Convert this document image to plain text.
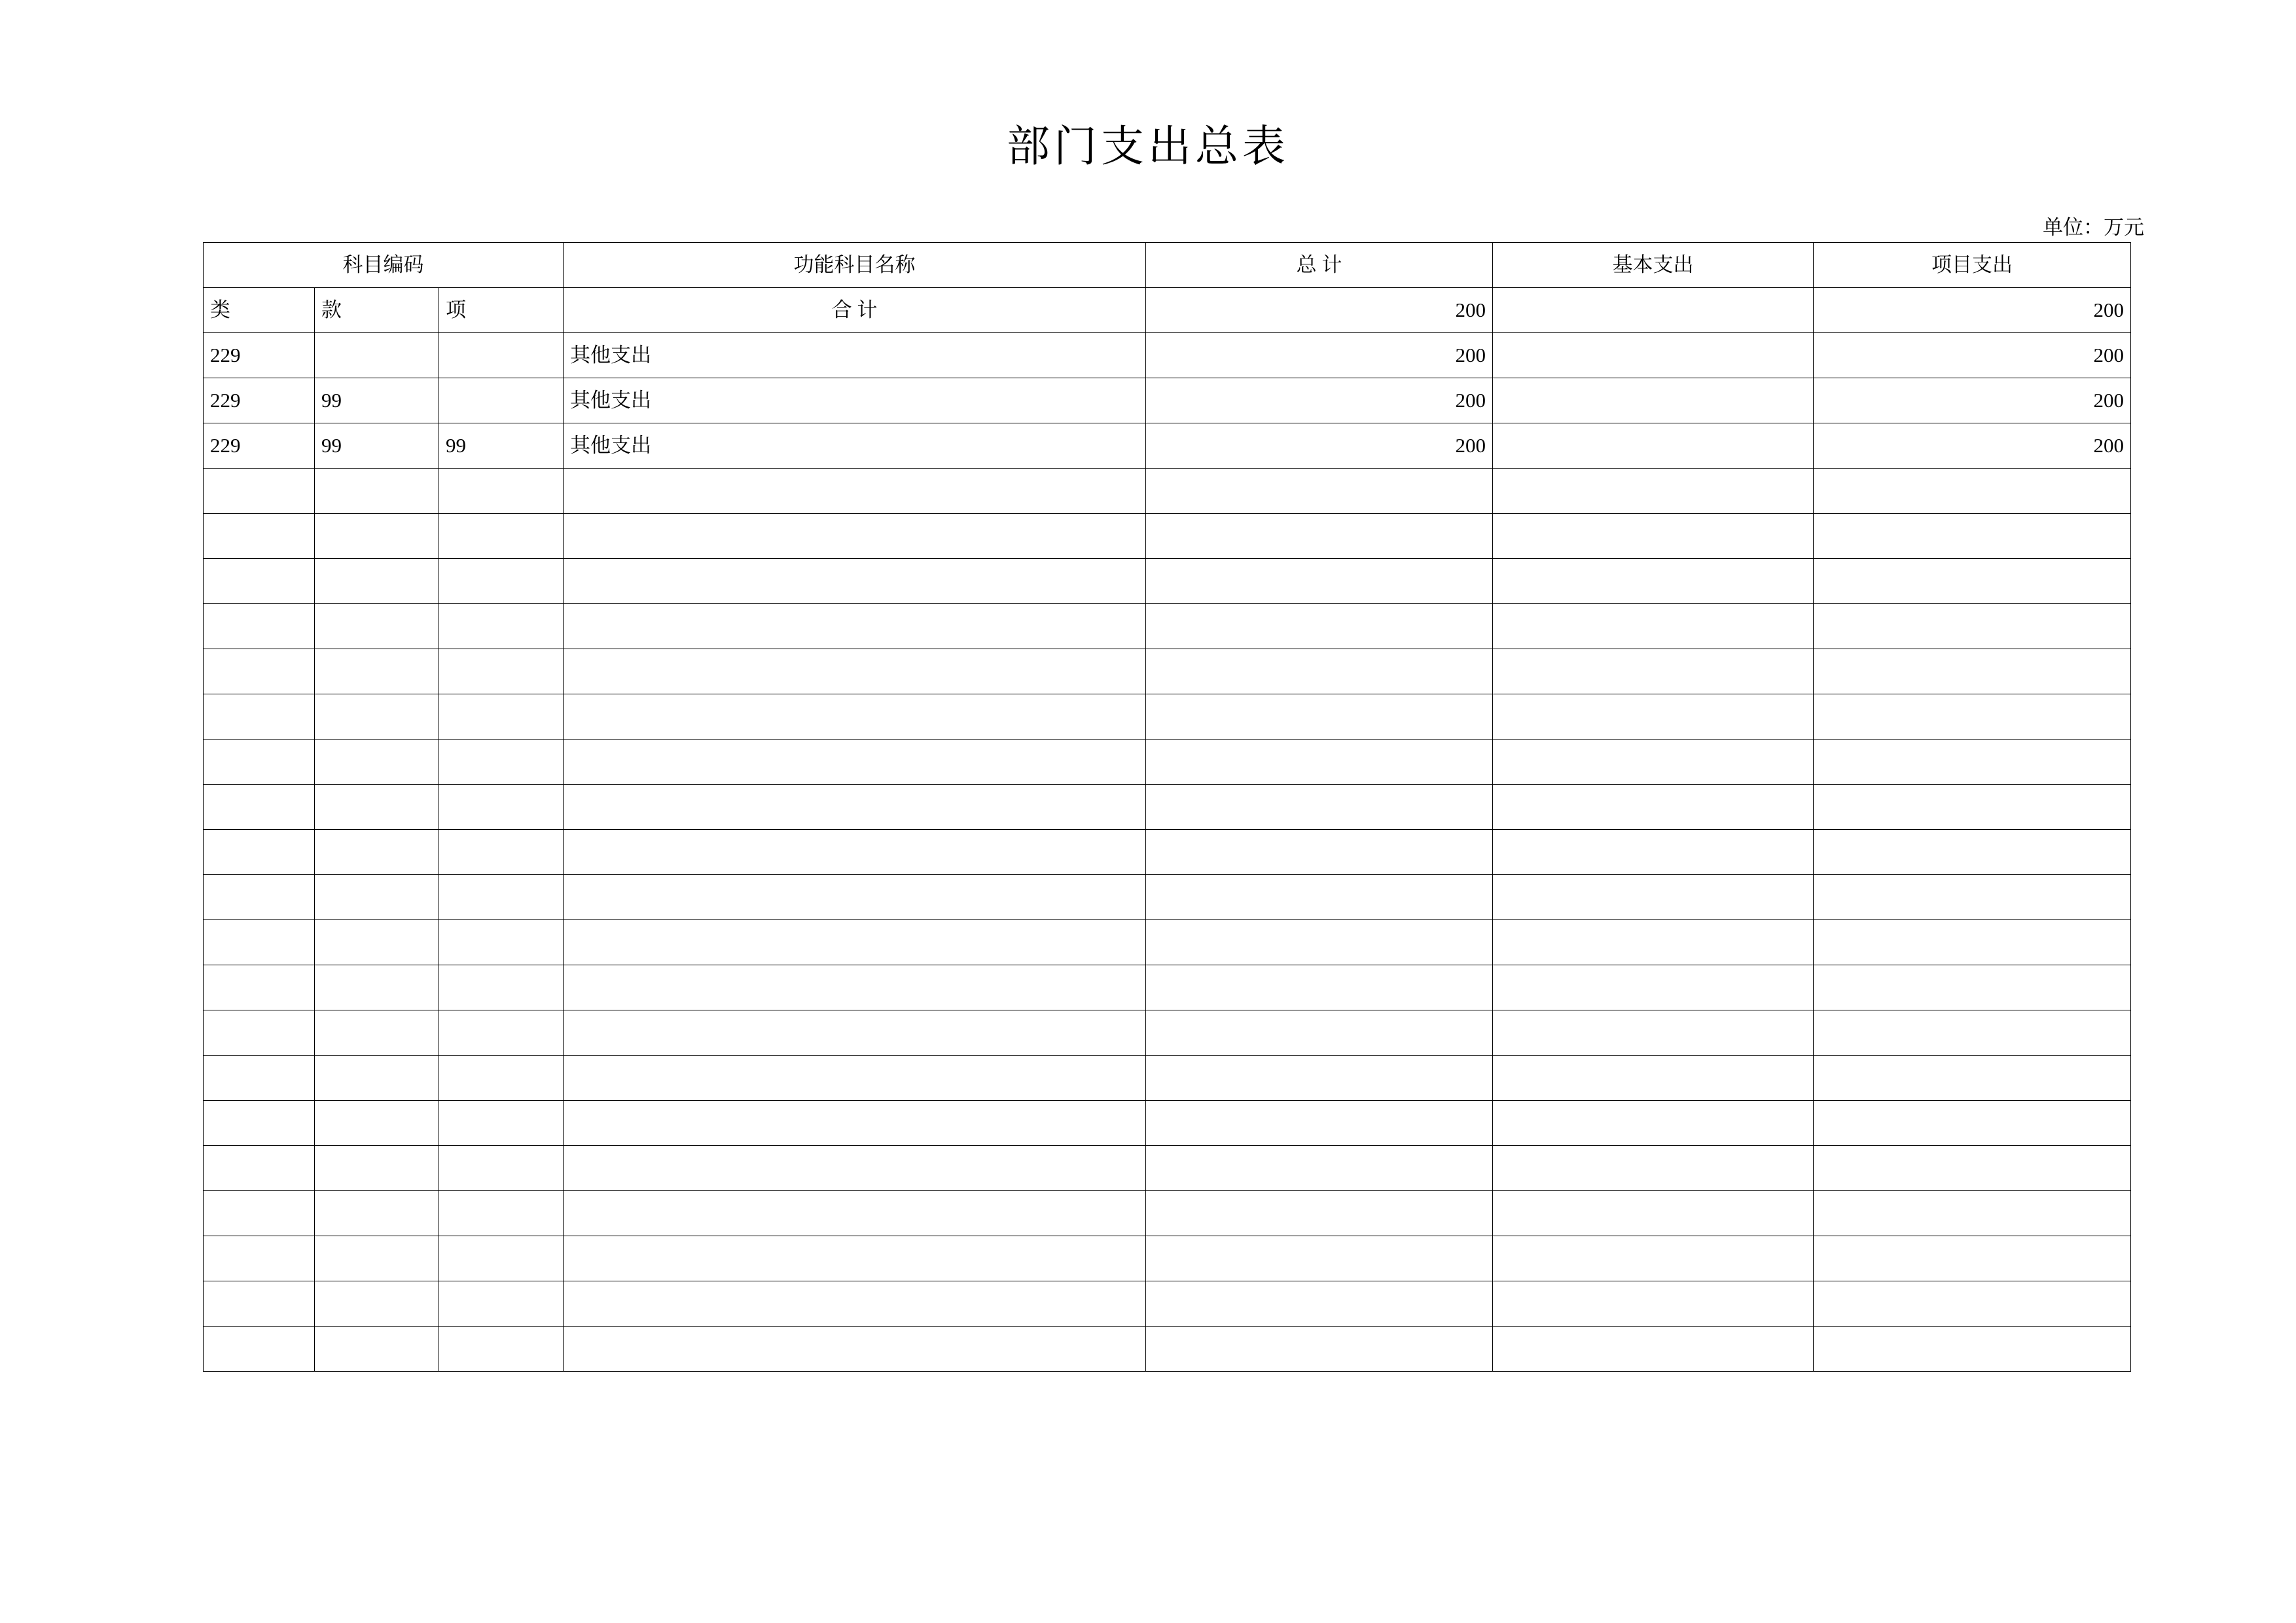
部门支出总表
单位：万元
科目编码			功能科目名称	总 计	基本支出	项目支出
类	款	项	合 计	200		200
229			其他支出	200		200
229	99		其他支出	200		200
229	99	99	其他支出	200		200
